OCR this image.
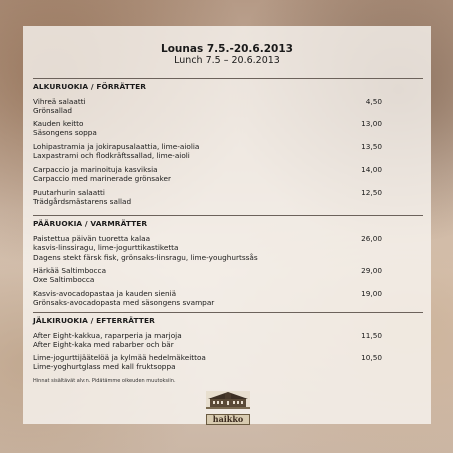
Lounas 7.5.-20.6.2013
Lunch 7.5 – 20.6.2013
ALKURUOKIA / FÖRRÄTTER
Vihreä salaatti
Grönsallad
4,50
Kauden keitto
Säsongens soppa
13,00
Lohipastramia ja jokirapusalaattia, lime-aiolia
Laxpastrami och flodkräftssallad, lime-aioli
13,50
Carpaccio ja marinoituja kasviksia
Carpaccio med marinerade grönsaker
14,00
Puutarhurin salaatti
Trädgårdsmästarens sallad
12,50
PÄÄRUOKIA / VARMRÄTTER
Paistettua päivän tuoretta kalaa
kasvis-linssiragu, lime-jogurttikastiketta
Dagens stekt färsk fisk, grönsaks-linsragu, lime-youghurtssås
26,00
Härkää Saltimbocca
Oxe Saltimbocca
29,00
Kasvis-avocadopastaa ja kauden sieniä
Grönsaks-avocadopasta med säsongens svampar
19,00
JÄLKIRUOKIA / EFTERRÄTTER
After Eight-kakkua, raparperia ja marjoja
After Eight-kaka med rabarber och bär
11,50
Lime-jogurttijäätelöä ja kylmää hedelmäkeittoa
Lime-yoghurtglass med kall fruktsoppa
10,50
Hinnat sisältävät alv:n. Pidätämme oikeuden muutoksiin.
haikko
